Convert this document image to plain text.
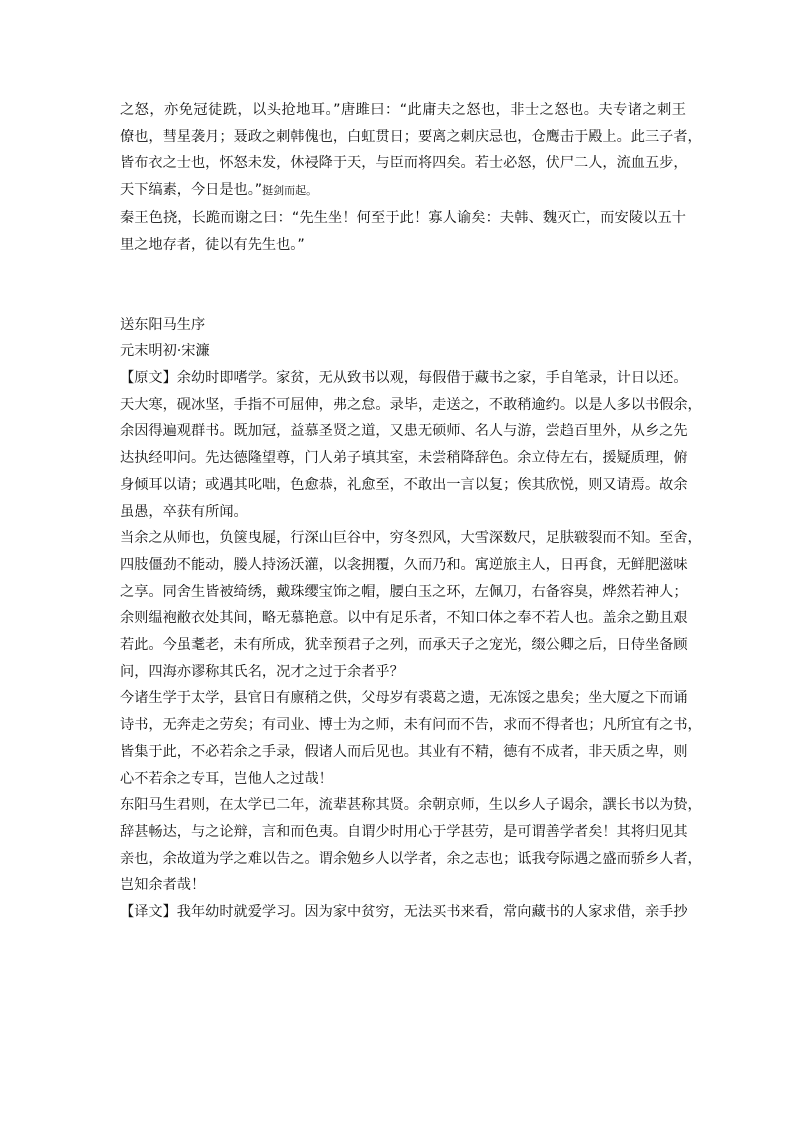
之怒，亦免冠徒跣，以头抢地耳。”唐雎曰：“此庸夫之怒也，非士之怒也。夫专诸之刺王
僚也，彗星袭月；聂政之刺韩傀也，白虹贯日；要离之刺庆忌也，仓鹰击于殿上。此三子者，
皆布衣之士也，怀怒未发，休祲降于天，与臣而将四矣。若士必怒，伏尸二人，流血五步，
天下缟素，今日是也。”挺剑而起。
秦王色挠，长跪而谢之曰：“先生坐！何至于此！寡人谕矣：夫韩、魏灭亡，而安陵以五十
里之地存者，徒以有先生也。”
送东阳马生序
元末明初·宋濂
【原文】余幼时即嗜学。家贫，无从致书以观，每假借于藏书之家，手自笔录，计日以还。
天大寒，砚冰坚，手指不可屈伸，弗之怠。录毕，走送之，不敢稍逾约。以是人多以书假余，
余因得遍观群书。既加冠，益慕圣贤之道，又患无硕师、名人与游，尝趋百里外，从乡之先
达执经叩问。先达德隆望尊，门人弟子填其室，未尝稍降辞色。余立侍左右，援疑质理，俯
身倾耳以请；或遇其叱咄，色愈恭，礼愈至，不敢出一言以复；俟其欣悦，则又请焉。故余
虽愚，卒获有所闻。
当余之从师也，负箧曳屣，行深山巨谷中，穷冬烈风，大雪深数尺，足肤皲裂而不知。至舍，
四肢僵劲不能动，媵人持汤沃灌，以衾拥覆，久而乃和。寓逆旅主人，日再食，无鲜肥滋味
之享。同舍生皆被绮绣，戴珠缨宝饰之帽，腰白玉之环，左佩刀，右备容臭，烨然若神人；
余则缊袍敝衣处其间，略无慕艳意。以中有足乐者，不知口体之奉不若人也。盖余之勤且艰
若此。今虽耄老，未有所成，犹幸预君子之列，而承天子之宠光，缀公卿之后，日侍坐备顾
问，四海亦谬称其氏名，况才之过于余者乎？
今诸生学于太学，县官日有廪稍之供，父母岁有裘葛之遗，无冻馁之患矣；坐大厦之下而诵
诗书，无奔走之劳矣；有司业、博士为之师，未有问而不告，求而不得者也；凡所宜有之书，
皆集于此，不必若余之手录，假诸人而后见也。其业有不精，德有不成者，非天质之卑，则
心不若余之专耳，岂他人之过哉！
东阳马生君则，在太学已二年，流辈甚称其贤。余朝京师，生以乡人子谒余，譔长书以为贽，
辞甚畅达，与之论辩，言和而色夷。自谓少时用心于学甚劳，是可谓善学者矣！其将归见其
亲也，余故道为学之难以告之。谓余勉乡人以学者，余之志也；诋我夸际遇之盛而骄乡人者，
岂知余者哉！
【译文】我年幼时就爱学习。因为家中贫穷，无法买书来看，常向藏书的人家求借，亲手抄
